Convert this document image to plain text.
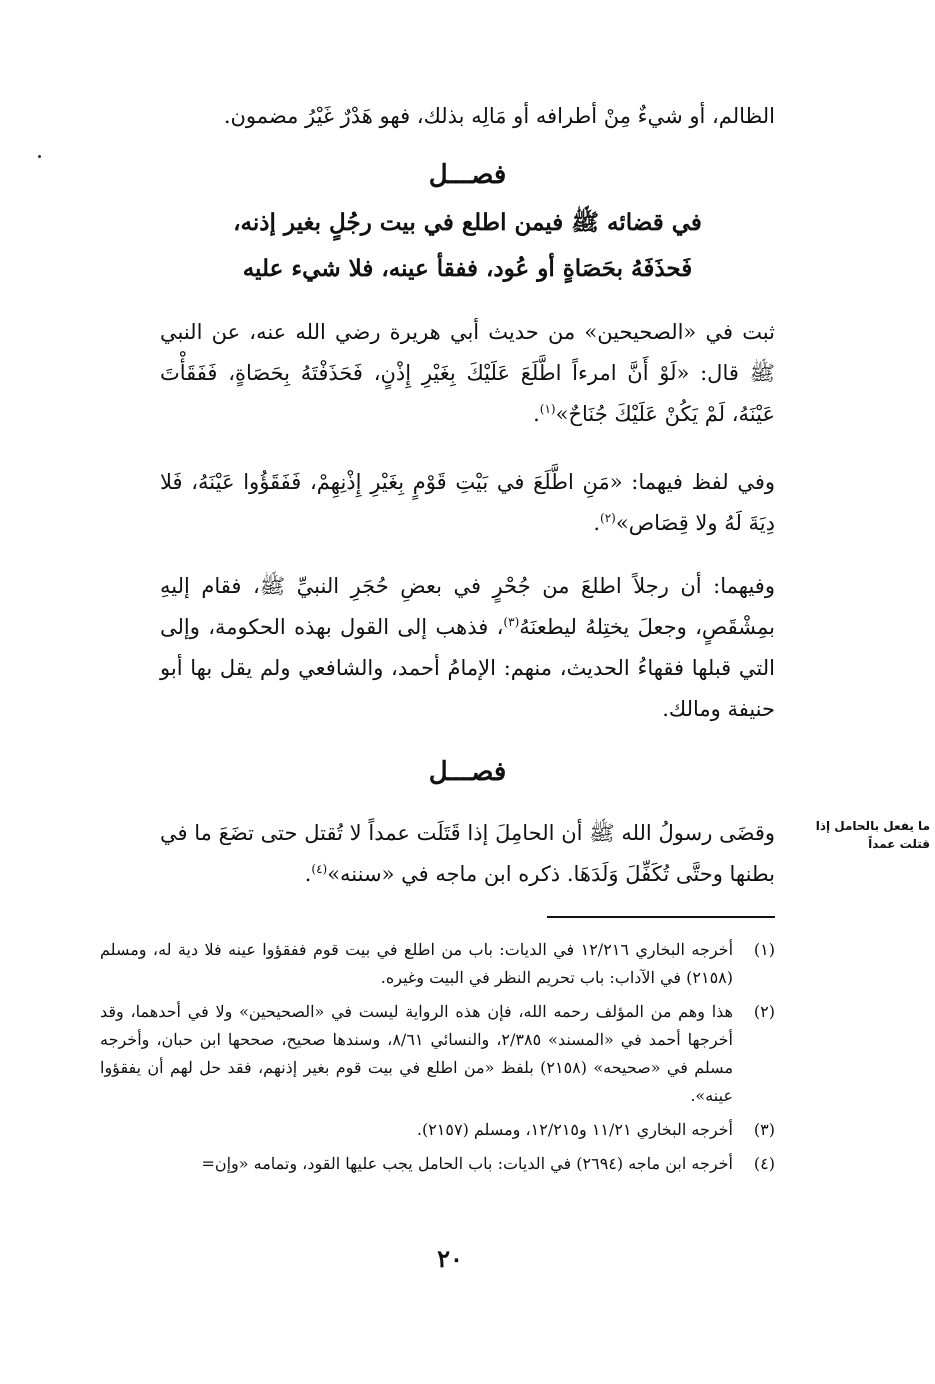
الظالم، أو شيءٌ مِنْ أطرافه أو مَالِه بذلك، فهو هَدْرٌ غَيْرُ مضمون.
فصـــل
في قضائه ﷺ فيمن اطلع في بيت رجُلٍ بغير إذنه، فَحذَفَهُ بحَصَاةٍ أو عُود، ففقأ عينه، فلا شيء عليه
ثبت في «الصحيحين» من حديث أبي هريرة رضي الله عنه، عن النبي ﷺ قال: «لَوْ أَنَّ امرءاً اطَّلَعَ عَلَيْكَ بِغَيْرِ إِذْنٍ، فَحَذَفْتَهُ بِحَصَاةٍ، فَفَقَأْتَ عَيْنَهُ، لَمْ يَكُنْ عَلَيْكَ جُنَاحٌ»$^{(١)}$.
وفي لفظ فيهما: «مَنِ اطَّلَعَ في بَيْتِ قَوْمٍ بِغَيْرِ إِذْنِهِمْ، فَفَقَؤُوا عَيْنَهُ، فَلا دِيَةَ لَهُ ولا قِصَاص»$^{(٢)}$.
وفيهما: أن رجلاً اطلعَ من جُحْرٍ في بعضِ حُجَرِ النبيِّ ﷺ، فقام إليهِ بمِشْقَصٍ، وجعلَ يختِلهُ ليطعنَهُ$^{(٣)}$، فذهب إلى القول بهذه الحكومة، وإلى التي قبلها فقهاءُ الحديث، منهم: الإمامُ أحمد، والشافعي ولم يقل بها أبو حنيفة ومالك.
فصـــل
ما يفعل بالحامل إذا قتلت عمداً
وقضَى رسولُ الله ﷺ أن الحامِلَ إذا قَتَلَت عمداً لا تُقتل حتى تضَعَ ما في بطنها وحتَّى تُكَفِّلَ وَلَدَهَا. ذكره ابن ماجه في «سننه»$^{(٤)}$.
(١)
أخرجه البخاري ١٢/٢١٦ في الديات: باب من اطلع في بيت قوم ففقؤوا عينه فلا دية له، ومسلم (٢١٥٨) في الآداب: باب تحريم النظر في البيت وغيره.
(٢)
هذا وهم من المؤلف رحمه الله، فإن هذه الرواية ليست في «الصحيحين» ولا في أحدهما، وقد أخرجها أحمد في «المسند» ٢/٣٨٥، والنسائي ٨/٦١، وسندها صحيح، صححها ابن حبان، وأخرجه مسلم في «صحيحه» (٢١٥٨) بلفظ «من اطلع في بيت قوم بغير إذنهم، فقد حل لهم أن يفقؤوا عينه».
(٣)
أخرجه البخاري ١١/٢١ و١٢/٢١٥، ومسلم (٢١٥٧).
(٤)
أخرجه ابن ماجه (٢٦٩٤) في الديات: باب الحامل يجب عليها القود، وتمامه «وإن=
٢٠
